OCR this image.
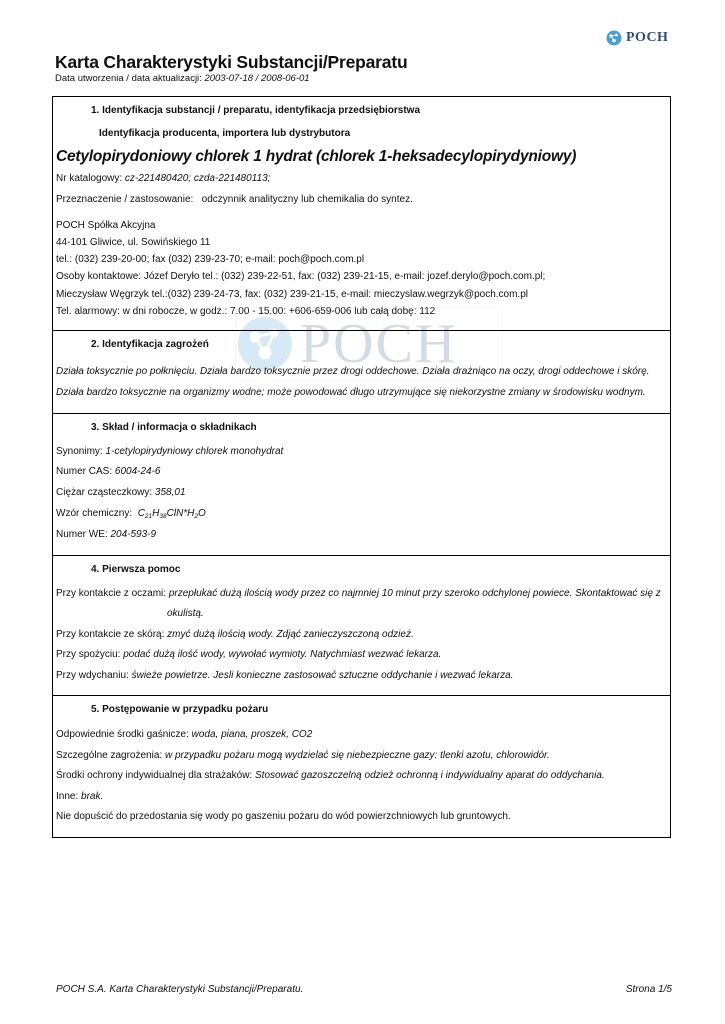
POCH
Karta Charakterystyki Substancji/Preparatu
Data utworzenia / data aktualizacji: 2003-07-18 / 2008-06-01
1. Identyfikacja substancji / preparatu, identyfikacja przedsiębiorstwa
Identyfikacja producenta, importera lub dystrybutora
Cetylopirydoniowy chlorek 1 hydrat (chlorek 1-heksadecylopirydyniowy)
Nr katalogowy: cz-221480420; czda-221480113;
Przeznaczenie / zastosowanie: odczynnik analityczny lub chemikalia do syntez.
POCH Spółka Akcyjna
44-101 Gliwice, ul. Sowińskiego 11
tel.: (032) 239-20-00; fax (032) 239-23-70; e-mail: poch@poch.com.pl
Osoby kontaktowe: Józef Deryło tel.: (032) 239-22-51, fax: (032) 239-21-15, e-mail: jozef.derylo@poch.com.pl;
Mieczysław Węgrzyk tel.:(032) 239-24-73, fax: (032) 239-21-15, e-mail: mieczyslaw.wegrzyk@poch.com.pl
Tel. alarmowy: w dni robocze, w godz.: 7.00 - 15.00: +606-659-006 lub całą dobę: 112
POCH
2. Identyfikacja zagrożeń
Działa toksycznie po połknięciu. Działa bardzo toksycznie przez drogi oddechowe. Działa drażniąco na oczy, drogi oddechowe i skórę.
Działa bardzo toksycznie na organizmy wodne; może powodować długo utrzymujące się niekorzystne zmiany w środowisku wodnym.
3. Skład / informacja o składnikach
Synonimy: 1-cetylopirydyniowy chlorek monohydrat
Numer CAS: 6004-24-6
Ciężar cząsteczkowy: 358,01
Wzór chemiczny: $C_{21}H_{38}ClN*H_2O$
Numer WE: 204-593-9
4. Pierwsza pomoc
Przy kontakcie z oczami: przepłukać dużą ilością wody przez co najmniej 10 minut przy szeroko odchylonej powiece. Skontaktować się z
okulistą.
Przy kontakcie ze skórą: zmyć dużą ilością wody. Zdjąć zanieczyszczoną odzież.
Przy spożyciu: podać dużą ilość wody, wywołać wymioty. Natychmiast wezwać lekarza.
Przy wdychaniu: świeże powietrze. Jesli konieczne zastosować sztuczne oddychanie i wezwać lekarza.
5. Postępowanie w przypadku pożaru
Odpowiednie środki gaśnicze: woda, piana, proszek, CO2
Szczególne zagrożenia: w przypadku pożaru mogą wydzielać się niebezpieczne gazy: tlenki azotu, chlorowidór.
Środki ochrony indywidualnej dla strażaków: Stosować gazoszczelną odzież ochronną i indywidualny aparat do oddychania.
Inne: brak.
Nie dopuścić do przedostania się wody po gaszeniu pożaru do wód powierzchniowych lub gruntowych.
POCH S.A. Karta Charakterystyki Substancji/Preparatu.	Strona 1/5
